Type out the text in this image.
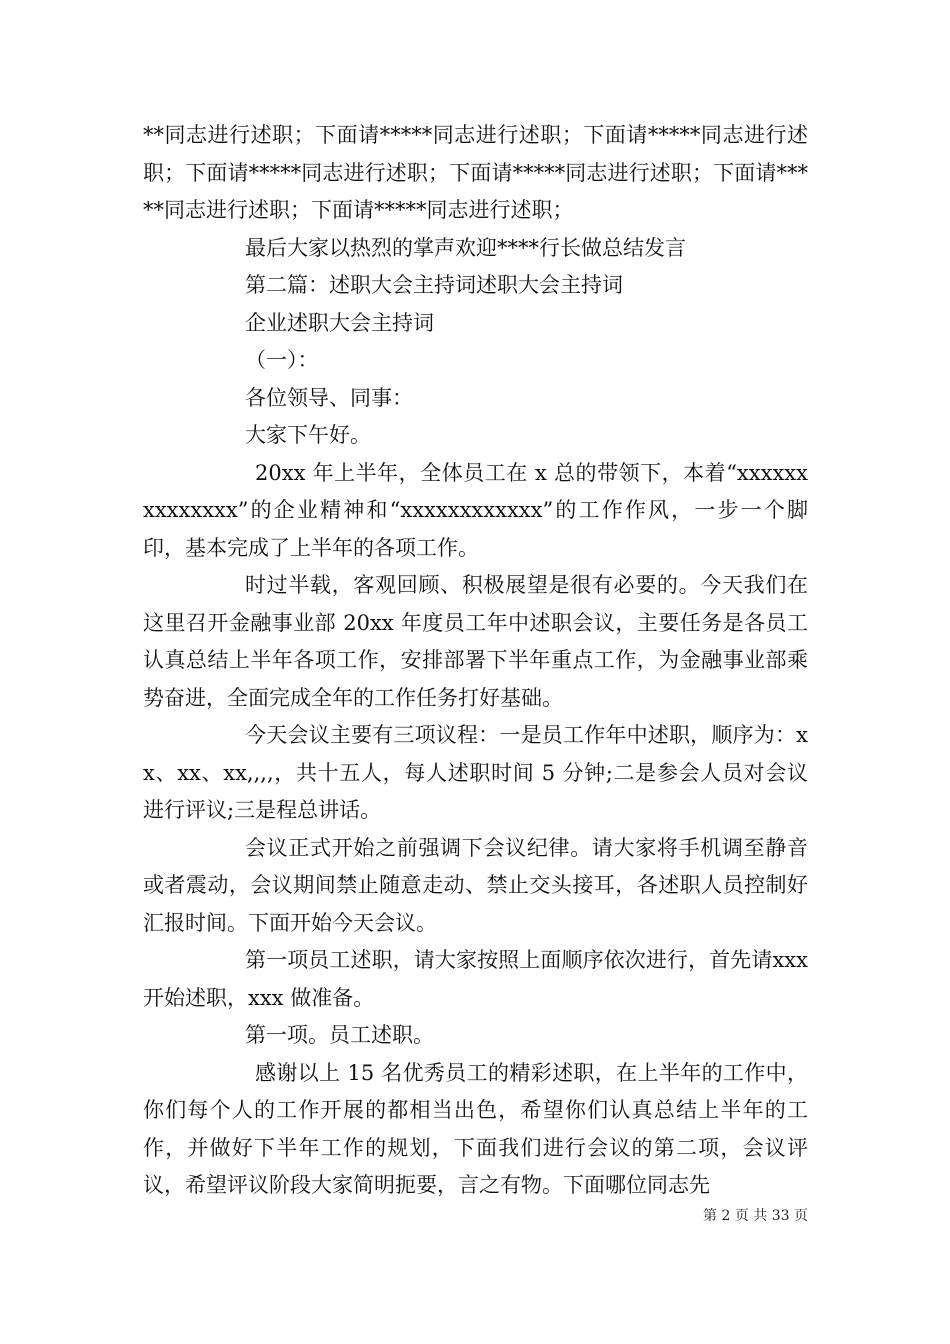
**同志进行述职；下面请*****同志进行述职；下面请*****同志进行述职；下面请*****同志进行述职；下面请*****同志进行述职；下面请*****同志进行述职；下面请*****同志进行述职；

最后大家以热烈的掌声欢迎****行长做总结发言

第二篇：述职大会主持词述职大会主持词

企业述职大会主持词

（一）：

各位领导、同事：

大家下午好。

20xx 年上半年，全体员工在 x 总的带领下，本着“xxxxxxxxxxxxxx”的企业精神和“xxxxxxxxxxxx”的工作作风，一步一个脚印，基本完成了上半年的各项工作。

时过半载，客观回顾、积极展望是很有必要的。今天我们在这里召开金融事业部 20xx 年度员工年中述职会议，主要任务是各员工认真总结上半年各项工作，安排部署下半年重点工作，为金融事业部乘势奋进，全面完成全年的工作任务打好基础。

今天会议主要有三项议程：一是员工作年中述职，顺序为：xx、xx、xx,,,,，共十五人，每人述职时间 5 分钟;二是参会人员对会议进行评议;三是程总讲话。

会议正式开始之前强调下会议纪律。请大家将手机调至静音或者震动，会议期间禁止随意走动、禁止交头接耳，各述职人员控制好汇报时间。下面开始今天会议。

第一项员工述职，请大家按照上面顺序依次进行，首先请xxx 开始述职，xxx 做准备。

第一项。员工述职。

感谢以上 15 名优秀员工的精彩述职，在上半年的工作中，你们每个人的工作开展的都相当出色，希望你们认真总结上半年的工作，并做好下半年工作的规划，下面我们进行会议的第二项，会议评议，希望评议阶段大家简明扼要，言之有物。下面哪位同志先

第 2 页 共 33 页
